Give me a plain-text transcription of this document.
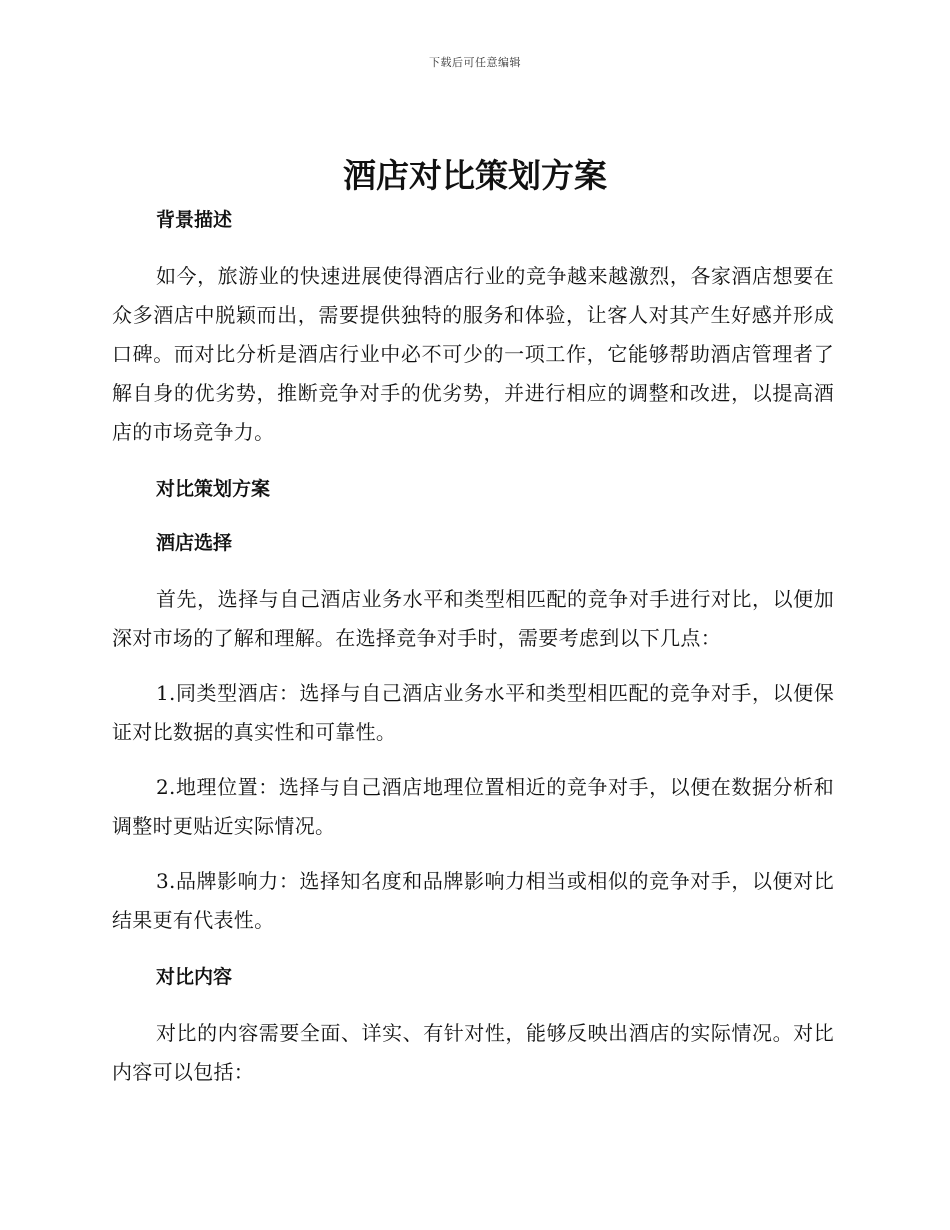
下载后可任意编辑
酒店对比策划方案

背景描述

如今，旅游业的快速进展使得酒店行业的竞争越来越激烈，各家酒店想要在众多酒店中脱颖而出，需要提供独特的服务和体验，让客人对其产生好感并形成口碑。而对比分析是酒店行业中必不可少的一项工作，它能够帮助酒店管理者了解自身的优劣势，推断竞争对手的优劣势，并进行相应的调整和改进，以提高酒店的市场竞争力。

对比策划方案

酒店选择

首先，选择与自己酒店业务水平和类型相匹配的竞争对手进行对比，以便加深对市场的了解和理解。在选择竞争对手时，需要考虑到以下几点：

1.同类型酒店：选择与自己酒店业务水平和类型相匹配的竞争对手，以便保证对比数据的真实性和可靠性。

2.地理位置：选择与自己酒店地理位置相近的竞争对手，以便在数据分析和调整时更贴近实际情况。

3.品牌影响力：选择知名度和品牌影响力相当或相似的竞争对手，以便对比结果更有代表性。

对比内容

对比的内容需要全面、详实、有针对性，能够反映出酒店的实际情况。对比内容可以包括：
